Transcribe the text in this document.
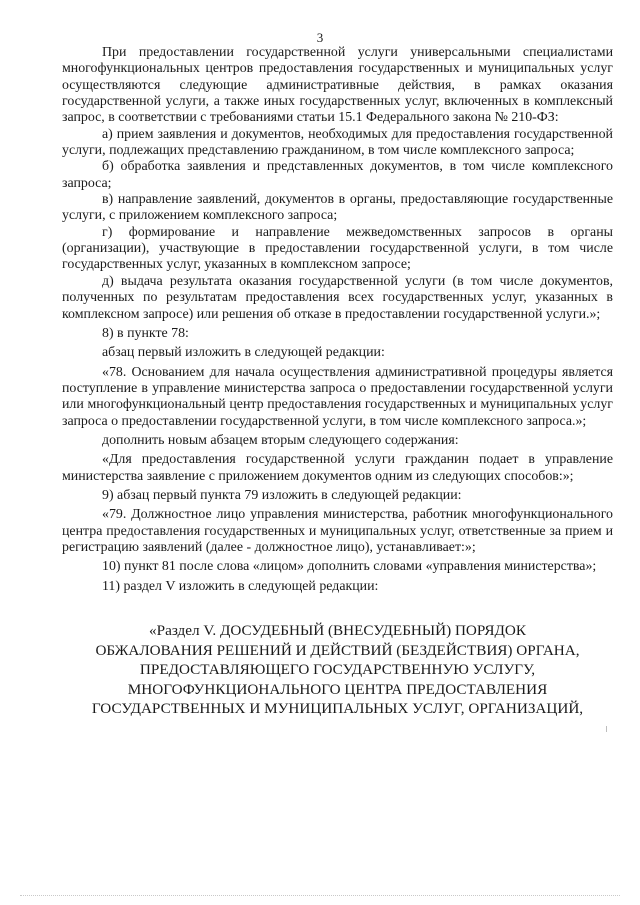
3

При предоставлении государственной услуги универсальными специалистами многофункциональных центров предоставления государственных и муниципальных услуг осуществляются следующие административные действия, в рамках оказания государственной услуги, а также иных государственных услуг, включенных в комплексный запрос, в соответствии с требованиями статьи 15.1 Федерального закона № 210-ФЗ:

а) прием заявления и документов, необходимых для предоставления государственной услуги, подлежащих представлению гражданином, в том числе комплексного запроса;

б) обработка заявления и представленных документов, в том числе комплексного запроса;

в) направление заявлений, документов в органы, предоставляющие государственные услуги, с приложением комплексного запроса;

г) формирование и направление межведомственных запросов в органы (организации), участвующие в предоставлении государственной услуги, в том числе государственных услуг, указанных в комплексном запросе;

д) выдача результата оказания государственной услуги (в том числе документов, полученных по результатам предоставления всех государственных услуг, указанных в комплексном запросе) или решения об отказе в предоставлении государственной услуги.»;

8) в пункте 78:

абзац первый изложить в следующей редакции:

«78. Основанием для начала осуществления административной процедуры является поступление в управление министерства запроса о предоставлении государственной услуги или многофункциональный центр предоставления государственных и муниципальных услуг запроса о предоставлении государственной услуги, в том числе комплексного запроса.»;

дополнить новым абзацем вторым следующего содержания:

«Для предоставления государственной услуги гражданин подает в управление министерства заявление с приложением документов одним из следующих способов:»;

9) абзац первый пункта 79 изложить в следующей редакции:

«79. Должностное лицо управления министерства, работник многофункционального центра предоставления государственных и муниципальных услуг, ответственные за прием и регистрацию заявлений (далее - должностное лицо), устанавливает:»;

10) пункт 81 после слова «лицом» дополнить словами «управления министерства»;

11) раздел V изложить в следующей редакции:

«Раздел V. ДОСУДЕБНЫЙ (ВНЕСУДЕБНЫЙ) ПОРЯДОК
ОБЖАЛОВАНИЯ РЕШЕНИЙ И ДЕЙСТВИЙ (БЕЗДЕЙСТВИЯ) ОРГАНА,
ПРЕДОСТАВЛЯЮЩЕГО ГОСУДАРСТВЕННУЮ УСЛУГУ,
МНОГОФУНКЦИОНАЛЬНОГО ЦЕНТРА ПРЕДОСТАВЛЕНИЯ
ГОСУДАРСТВЕННЫХ И МУНИЦИПАЛЬНЫХ УСЛУГ, ОРГАНИЗАЦИЙ,
